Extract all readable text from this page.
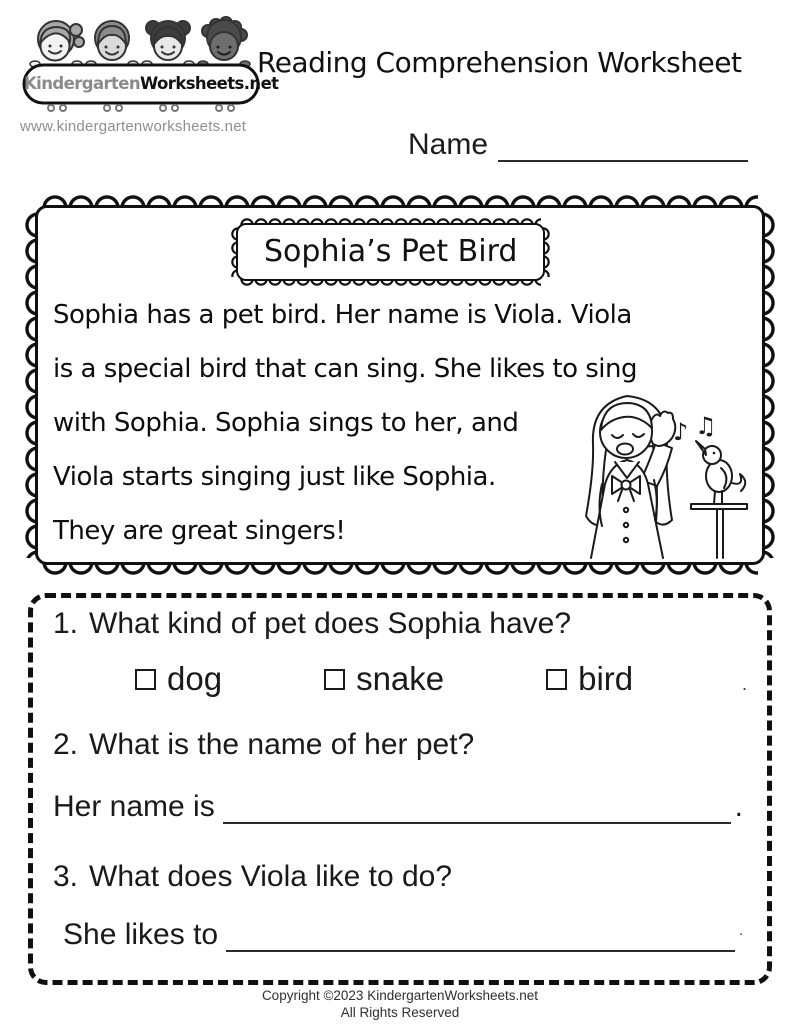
KindergartenWorksheets.net
www.kindergartenworksheets.net
Reading Comprehension Worksheet
Name
Sophia’s Pet Bird
Sophia has a pet bird. Her name is Viola. Viola
is a special bird that can sing. She likes to sing
with Sophia. Sophia sings to her, and
Viola starts singing just like Sophia.
They are great singers!
♪ ♫
1. What kind of pet does Sophia have?
dog	snake	bird	.
2. What is the name of her pet?
Her name is	.
3. What does Viola like to do?
She likes to	.
Copyright ©2023 KindergartenWorksheets.net
All Rights Reserved
